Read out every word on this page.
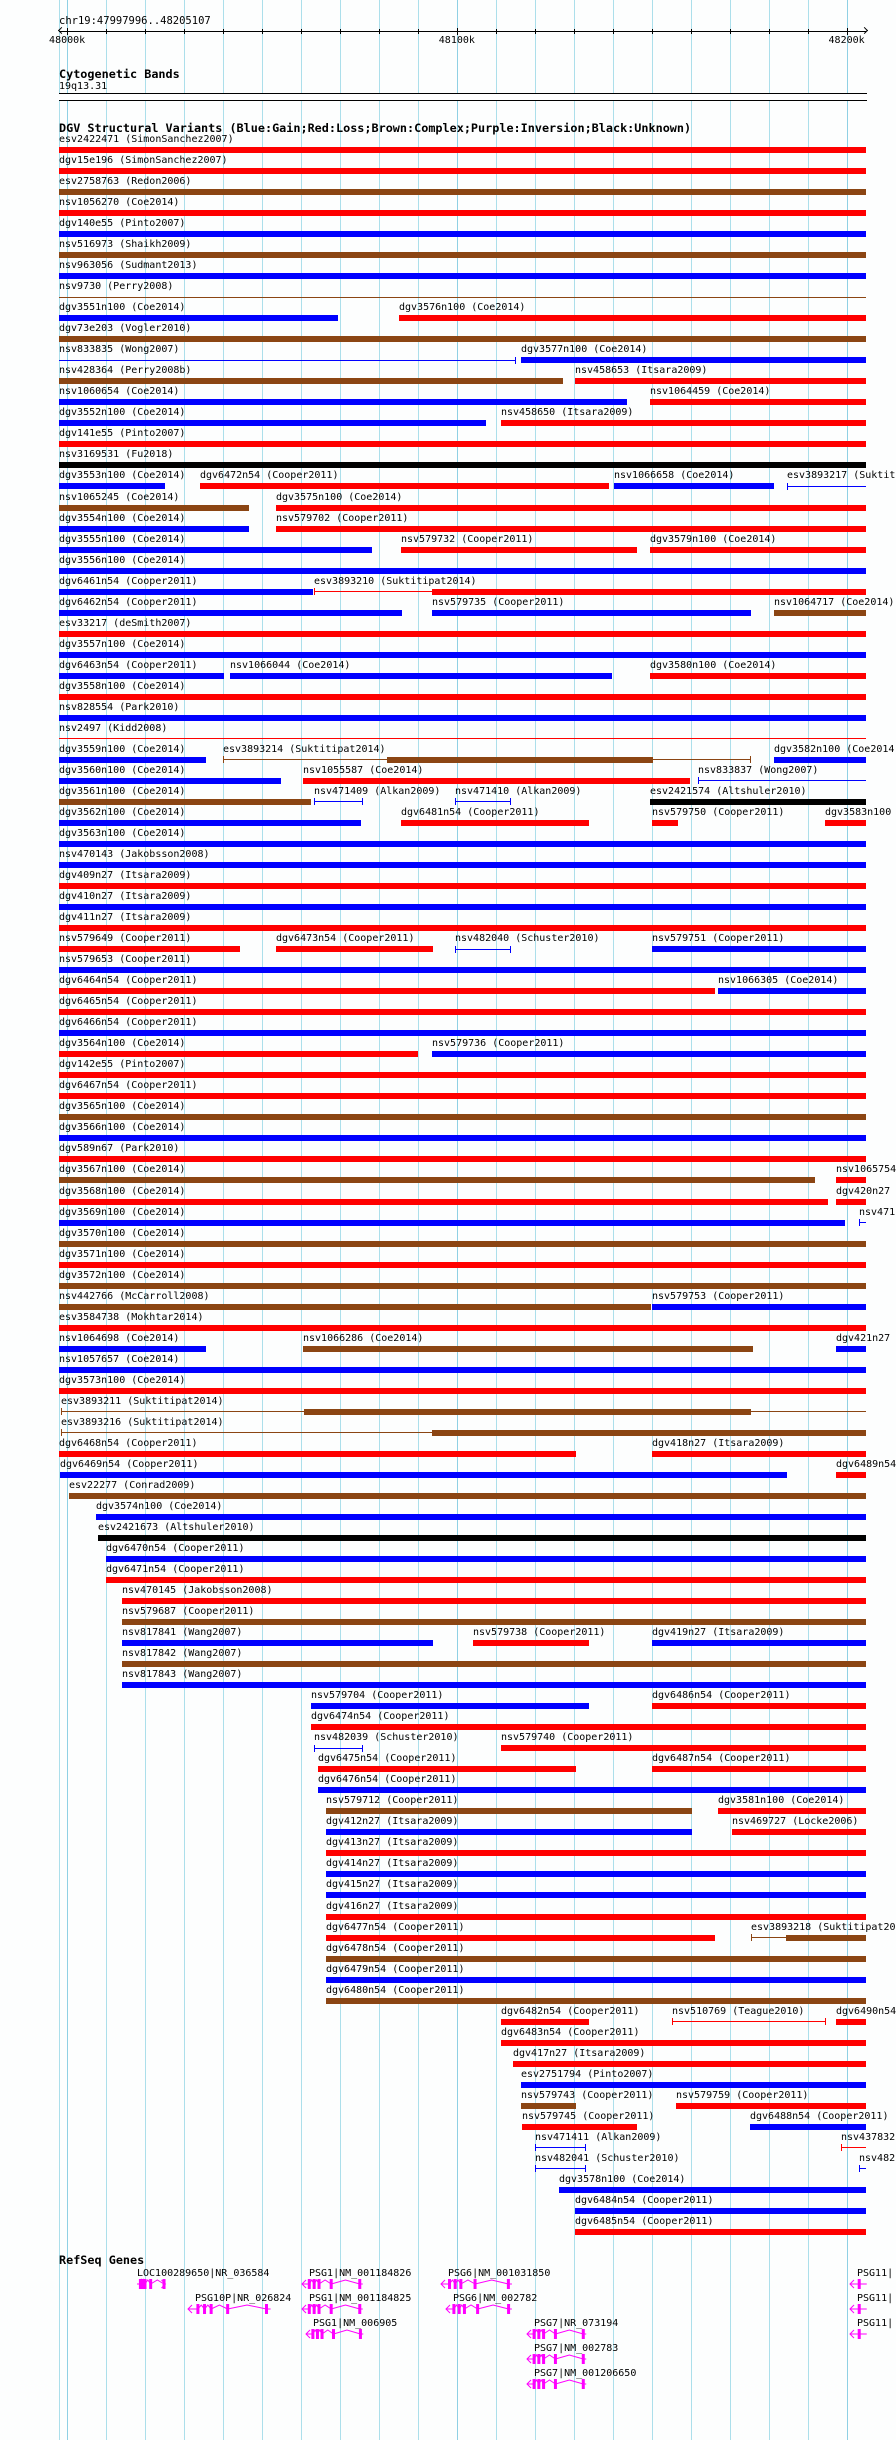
chr19:47997996..48205107
48000k	48100k	48200k
Cytogenetic Bands
19q13.31
DGV Structural Variants (Blue:Gain;Red:Loss;Brown:Complex;Purple:Inversion;Black:Unknown)
esv2422471 (SimonSanchez2007)
dgv15e196 (SimonSanchez2007)
esv2758763 (Redon2006)
nsv1056270 (Coe2014)
dgv140e55 (Pinto2007)
nsv516973 (Shaikh2009)
nsv963056 (Sudmant2013)
nsv9730 (Perry2008)
dgv3551n100 (Coe2014)	dgv3576n100 (Coe2014)
dgv73e203 (Vogler2010)
nsv833835 (Wong2007)	dgv3577n100 (Coe2014)
nsv428364 (Perry2008b)	nsv458653 (Itsara2009)
nsv1060654 (Coe2014)	nsv1064459 (Coe2014)
dgv3552n100 (Coe2014)	nsv458650 (Itsara2009)
dgv141e55 (Pinto2007)
nsv3169531 (Fu2018)
dgv3553n100 (Coe2014) dgv6472n54 (Cooper2011)	nsv1066658 (Coe2014)	esv3893217 (Suktit
nsv1065245 (Coe2014)	dgv3575n100 (Coe2014)
dgv3554n100 (Coe2014)	nsv579702 (Cooper2011)
dgv3555n100 (Coe2014)	nsv579732 (Cooper2011)	dgv3579n100 (Coe2014)
dgv3556n100 (Coe2014)
dgv6461n54 (Cooper2011)	esv3893210 (Suktitipat2014)
dgv6462n54 (Cooper2011)	nsv579735 (Cooper2011)	nsv1064717 (Coe2014)
esv33217 (deSmith2007)
dgv3557n100 (Coe2014)
dgv6463n54 (Cooper2011)	nsv1066044 (Coe2014)	dgv3580n100 (Coe2014)
dgv3558n100 (Coe2014)
nsv828554 (Park2010)
nsv2497 (Kidd2008)
dgv3559n100 (Coe2014)	esv3893214 (Suktitipat2014)	dgv3582n100 (Coe2014
dgv3560n100 (Coe2014)	nsv1055587 (Coe2014)	nsv833837 (Wong2007)
dgv3561n100 (Coe2014)	nsv471409 (Alkan2009) nsv471410 (Alkan2009)	esv2421574 (Altshuler2010)
dgv3562n100 (Coe2014)	dgv6481n54 (Cooper2011)	nsv579750 (Cooper2011)	dgv3583n100
dgv3563n100 (Coe2014)
nsv470143 (Jakobsson2008)
dgv409n27 (Itsara2009)
dgv410n27 (Itsara2009)
dgv411n27 (Itsara2009)
nsv579649 (Cooper2011)	dgv6473n54 (Cooper2011)	nsv482040 (Schuster2010)	nsv579751 (Cooper2011)
nsv579653 (Cooper2011)
dgv6464n54 (Cooper2011)	nsv1066305 (Coe2014)
dgv6465n54 (Cooper2011)
dgv6466n54 (Cooper2011)
dgv3564n100 (Coe2014)	nsv579736 (Cooper2011)
dgv142e55 (Pinto2007)
dgv6467n54 (Cooper2011)
dgv3565n100 (Coe2014)
dgv3566n100 (Coe2014)
dgv589n67 (Park2010)
dgv3567n100 (Coe2014)	nsv1065754
dgv3568n100 (Coe2014)	dgv420n27
dgv3569n100 (Coe2014)	nsv471
dgv3570n100 (Coe2014)
dgv3571n100 (Coe2014)
dgv3572n100 (Coe2014)
nsv442766 (McCarroll2008)	nsv579753 (Cooper2011)
esv3584738 (Mokhtar2014)
nsv1064698 (Coe2014)	nsv1066286 (Coe2014)	dgv421n27
nsv1057657 (Coe2014)
dgv3573n100 (Coe2014)
esv3893211 (Suktitipat2014)
esv3893216 (Suktitipat2014)
dgv6468n54 (Cooper2011)	dgv418n27 (Itsara2009)
dgv6469n54 (Cooper2011)	dgv6489n54
esv22277 (Conrad2009)
dgv3574n100 (Coe2014)
esv2421673 (Altshuler2010)
dgv6470n54 (Cooper2011)
dgv6471n54 (Cooper2011)
nsv470145 (Jakobsson2008)
nsv579687 (Cooper2011)
nsv817841 (Wang2007)	nsv579738 (Cooper2011)	dgv419n27 (Itsara2009)
nsv817842 (Wang2007)
nsv817843 (Wang2007)
nsv579704 (Cooper2011)	dgv6486n54 (Cooper2011)
dgv6474n54 (Cooper2011)
nsv482039 (Schuster2010)	nsv579740 (Cooper2011)
dgv6475n54 (Cooper2011)	dgv6487n54 (Cooper2011)
dgv6476n54 (Cooper2011)
nsv579712 (Cooper2011)	dgv3581n100 (Coe2014)
dgv412n27 (Itsara2009)	nsv469727 (Locke2006)
dgv413n27 (Itsara2009)
dgv414n27 (Itsara2009)
dgv415n27 (Itsara2009)
dgv416n27 (Itsara2009)
dgv6477n54 (Cooper2011)	esv3893218 (Suktitipat20
dgv6478n54 (Cooper2011)
dgv6479n54 (Cooper2011)
dgv6480n54 (Cooper2011)
dgv6482n54 (Cooper2011)	nsv510769 (Teague2010)	dgv6490n54
dgv6483n54 (Cooper2011)
dgv417n27 (Itsara2009)
esv2751794 (Pinto2007)
nsv579743 (Cooper2011) nsv579759 (Cooper2011)
nsv579745 (Cooper2011)	dgv6488n54 (Cooper2011)
nsv471411 (Alkan2009)	nsv437832
nsv482041 (Schuster2010)	nsv482
dgv3578n100 (Coe2014)
dgv6484n54 (Cooper2011)
dgv6485n54 (Cooper2011)
RefSeq Genes
LOC100289650|NR_036584
PSG10P|NR_026824
PSG1|NM_001184826
PSG1|NM_001184825
PSG1|NM_006905
PSG6|NM_001031850
PSG6|NM_002782
PSG7|NR_073194
PSG7|NM_002783
PSG7|NM_001206650
PSG11|
PSG11|
PSG11|
